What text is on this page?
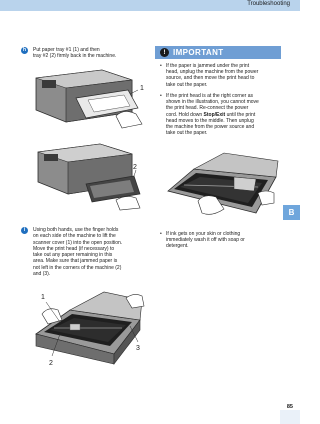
Troubleshooting
B
85
h	Put paper tray #1 (1) and then
tray #2 (2) firmly back in the machine.
1
2
i	Using both hands, use the finger holds
on each side of the machine to lift the
scanner cover (1) into the open position.
Move the print head (if necessary) to
take out any paper remaining in this
area. Make sure that jammed paper is
not left in the corners of the machine (2)
and (3).
1
2
3
! IMPORTANT
• If the paper is jammed under the print
head, unplug the machine from the power
source, and then move the print head to
take out the paper.
• If the print head is at the right corner as
shown in the illustration, you cannot move
the print head. Re-connect the power
cord. Hold down Stop/Exit until the print
head moves to the middle. Then unplug
the machine from the power source and
take out the paper.
• If ink gets on your skin or clothing
immediately wash it off with soap or
detergent.
